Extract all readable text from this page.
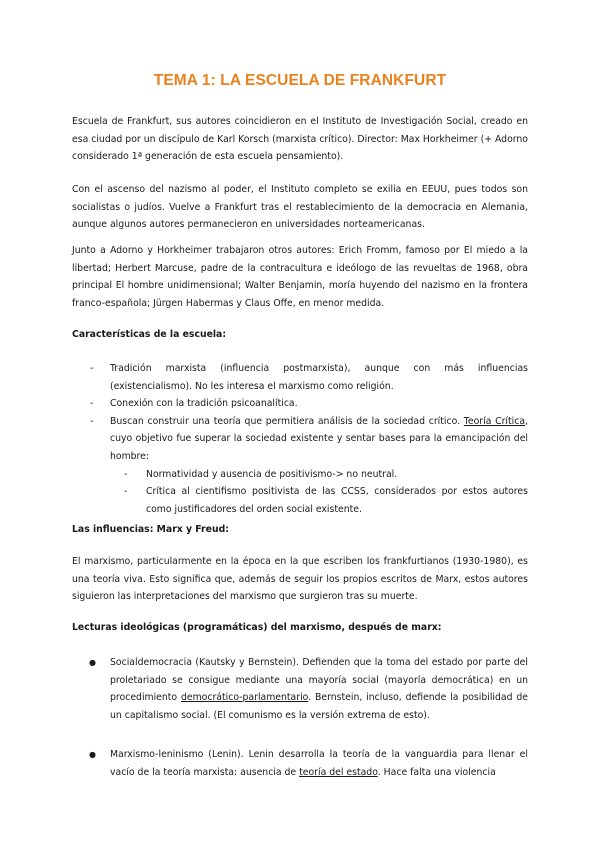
TEMA 1: LA ESCUELA DE FRANKFURT

Escuela de Frankfurt, sus autores coincidieron en el Instituto de Investigación Social, creado en esa ciudad por un discípulo de Karl Korsch (marxista crítico). Director: Max Horkheimer (+ Adorno considerado 1ª generación de esta escuela pensamiento).

Con el ascenso del nazismo al poder, el Instituto completo se exilia en EEUU, pues todos son socialistas o judíos. Vuelve a Frankfurt tras el restablecimiento de la democracia en Alemania, aunque algunos autores permanecieron en universidades norteamericanas.

Junto a Adorno y Horkheimer trabajaron otros autores: Erich Fromm, famoso por El miedo a la libertad; Herbert Marcuse, padre de la contracultura e ideólogo de las revueltas de 1968, obra principal El hombre unidimensional; Walter Benjamin, moría huyendo del nazismo en la frontera franco-española; Jürgen Habermas y Claus Offe, en menor medida.

Características de la escuela:
- Tradición marxista (influencia postmarxista), aunque con más influencias (existencialismo). No les interesa el marxismo como religión.
- Conexión con la tradición psicoanalítica.
- Buscan construir una teoría que permitiera análisis de la sociedad crítico. Teoría Crítica, cuyo objetivo fue superar la sociedad existente y sentar bases para la emancipación del hombre:
- Normatividad y ausencia de positivismo-> no neutral.
- Crítica al cientifismo positivista de las CCSS, considerados por estos autores como justificadores del orden social existente.
Las influencias: Marx y Freud:

El marxismo, particularmente en la época en la que escriben los frankfurtianos (1930-1980), es una teoría viva. Esto significa que, además de seguir los propios escritos de Marx, estos autores siguieron las interpretaciones del marxismo que surgieron tras su muerte.

Lecturas ideológicas (programáticas) del marxismo, después de marx:
● Socialdemocracia (Kautsky y Bernstein). Defienden que la toma del estado por parte del proletariado se consigue mediante una mayoría social (mayoría democrática) en un procedimiento democrático-parlamentario. Bernstein, incluso, defiende la posibilidad de un capitalismo social. (El comunismo es la versión extrema de esto).
● Marxismo-leninismo (Lenin). Lenin desarrolla la teoría de la vanguardia para llenar el vacío de la teoría marxista: ausencia de teoría del estado. Hace falta una violencia
